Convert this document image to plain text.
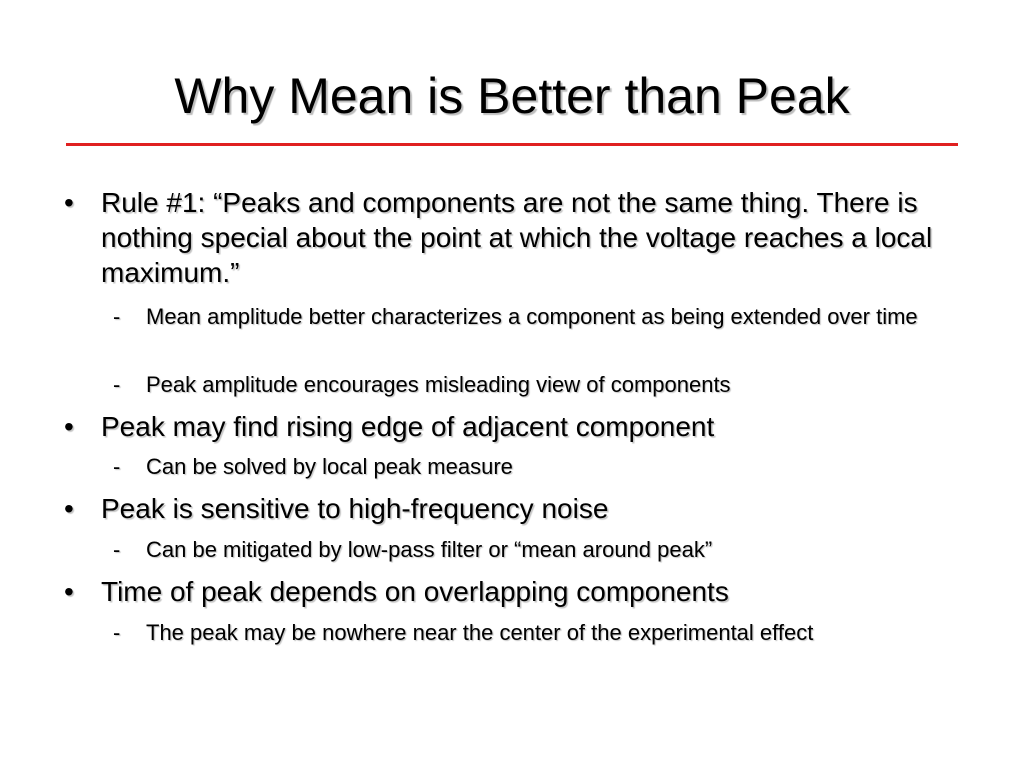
Why Mean is Better than Peak
• Rule #1: “Peaks and components are not the same thing. There is nothing special about the point at which the voltage reaches a local maximum.”
- Mean amplitude better characterizes a component as being extended over time
- Peak amplitude encourages misleading view of components
• Peak may find rising edge of adjacent component
- Can be solved by local peak measure
• Peak is sensitive to high-frequency noise
- Can be mitigated by low-pass filter or “mean around peak”
• Time of peak depends on overlapping components
- The peak may be nowhere near the center of the experimental effect
